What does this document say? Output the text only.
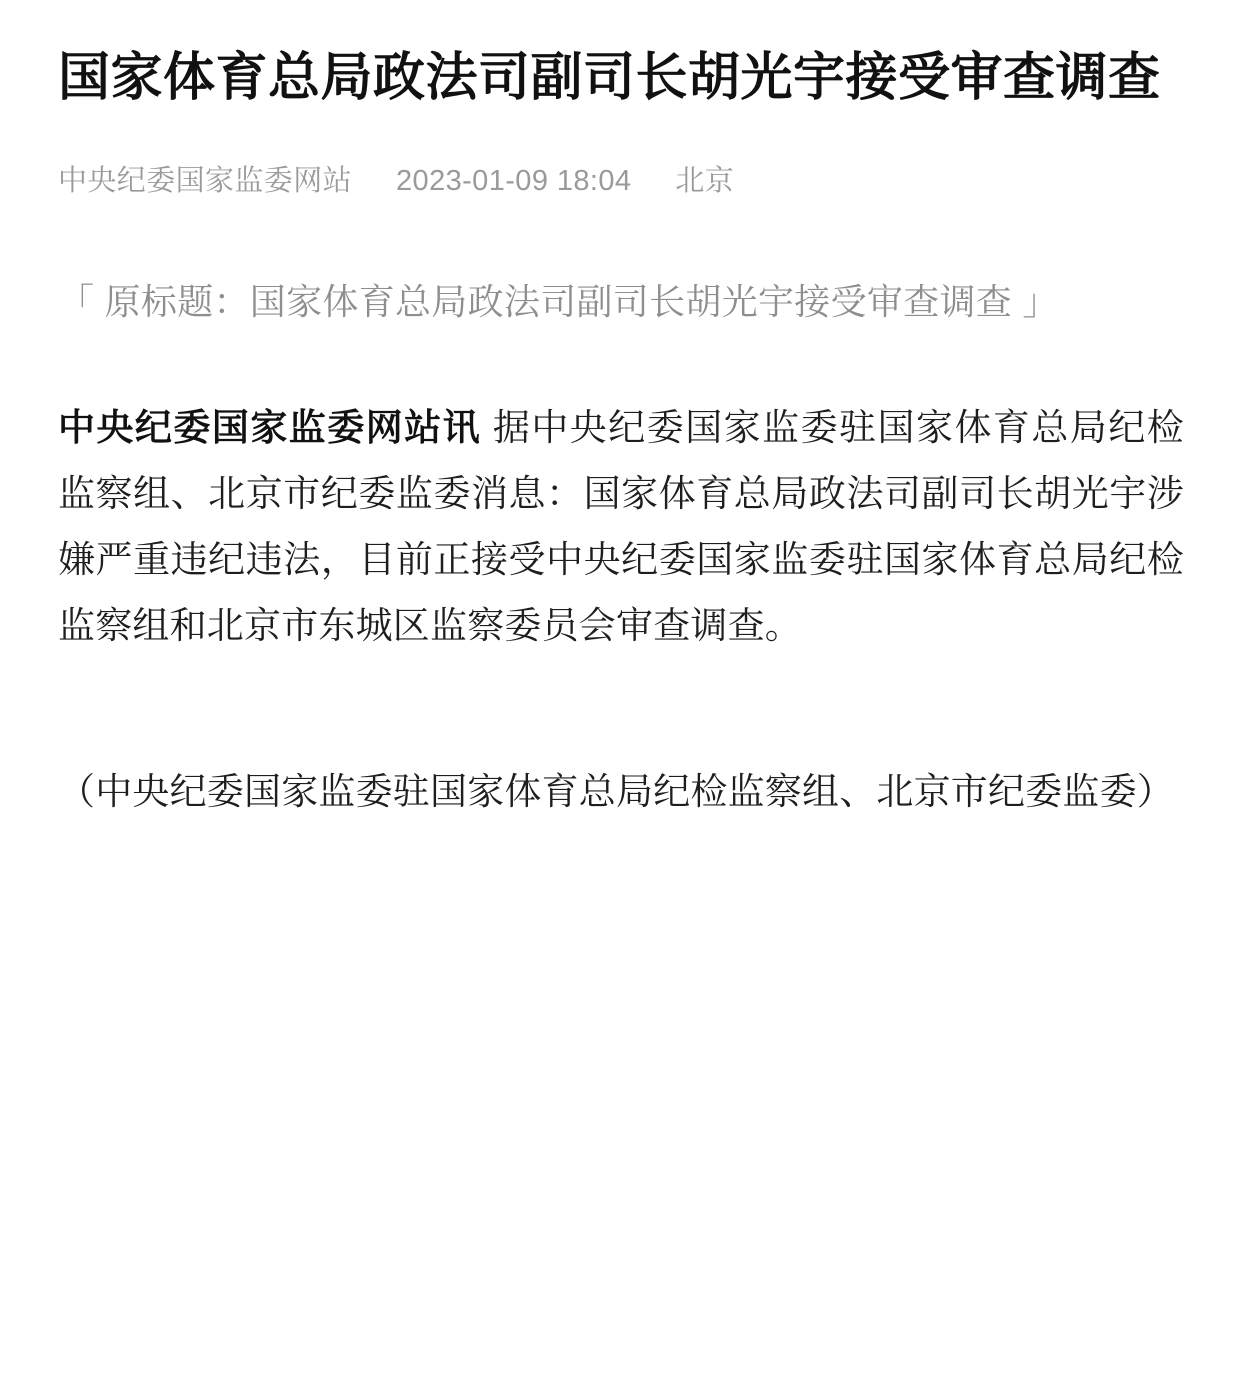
国家体育总局政法司副司长胡光宇接受审查调查
中央纪委国家监委网站 2023-01-09 18:04 北京

「 原标题：国家体育总局政法司副司长胡光宇接受审查调查 」

中央纪委国家监委网站讯 据中央纪委国家监委驻国家体育总局纪检监察组、北京市纪委监委消息：国家体育总局政法司副司长胡光宇涉嫌严重违纪违法，目前正接受中央纪委国家监委驻国家体育总局纪检监察组和北京市东城区监察委员会审查调查。

（中央纪委国家监委驻国家体育总局纪检监察组、北京市纪委监委）
